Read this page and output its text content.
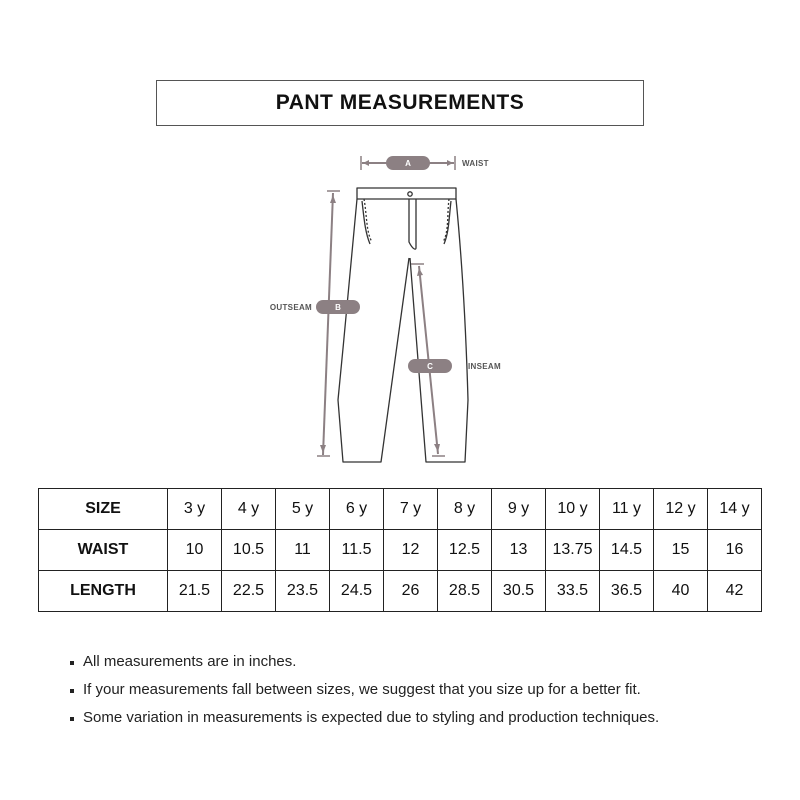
PANT MEASUREMENTS
A	WAIST
B
OUTSEAM
C	INSEAM
SIZE	3 y	4 y	5 y	6 y	7 y	8 y	9 y	10 y	11 y	12 y	14 y
WAIST	10	10.5	11	11.5	12	12.5	13	13.75	14.5	15	16
LENGTH	21.5	22.5	23.5	24.5	26	28.5	30.5	33.5	36.5	40	42
All measurements are in inches.
If your measurements fall between sizes, we suggest that you size up for a better fit.
Some variation in measurements is expected due to styling and production techniques.
